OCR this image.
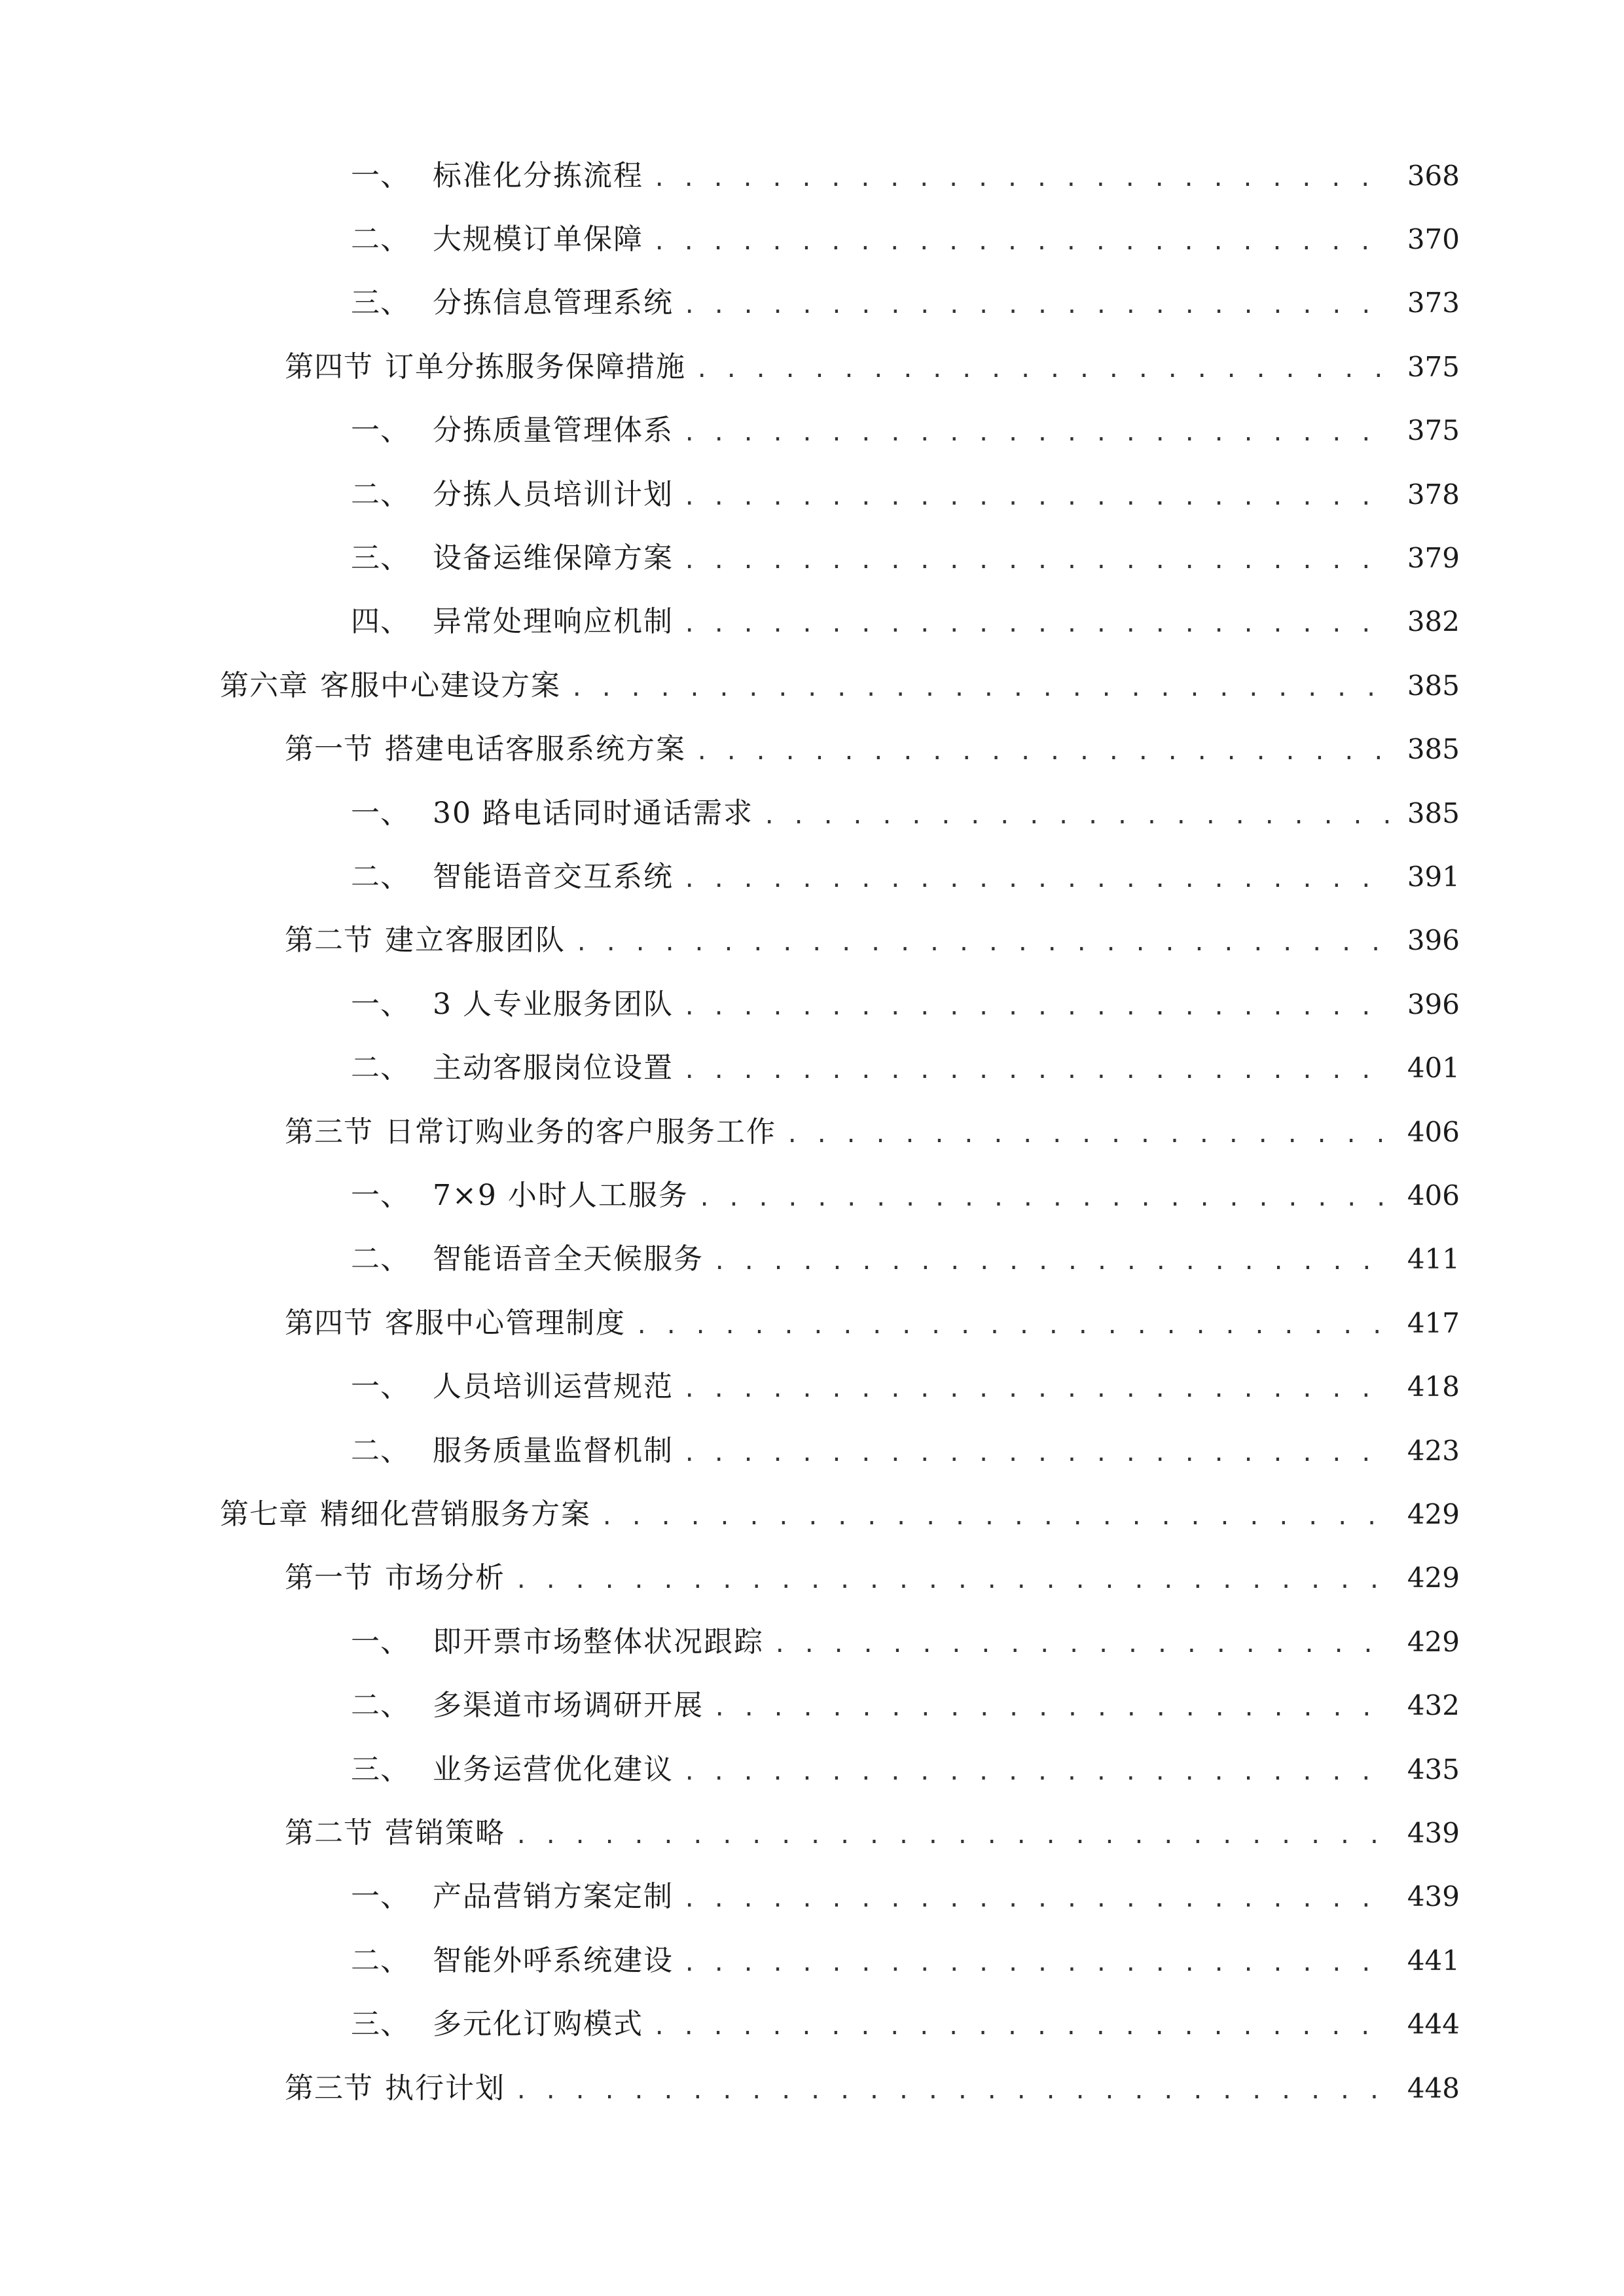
一、 标准化分拣流程 . . .	368
二、 大规模订单保障 . . .	370
三、 分拣信息管理系统 . . .	373
第四节 订单分拣服务保障措施 . . .	375
一、 分拣质量管理体系 . . .	375
二、 分拣人员培训计划 . . .	378
三、 设备运维保障方案 . . .	379
四、 异常处理响应机制 . . .	382
第六章 客服中心建设方案 . . .	385
第一节 搭建电话客服系统方案 . . .	385
一、 30 路电话同时通话需求 . . .	385
二、 智能语音交互系统 . . .	391
第二节 建立客服团队 . . .	396
一、 3 人专业服务团队 . . .	396
二、 主动客服岗位设置 . . .	401
第三节 日常订购业务的客户服务工作 . . .	406
一、 7×9 小时人工服务 . . .	406
二、 智能语音全天候服务 . . .	411
第四节 客服中心管理制度 . . .	417
一、 人员培训运营规范 . . .	418
二、 服务质量监督机制 . . .	423
第七章 精细化营销服务方案 . . .	429
第一节 市场分析 . . .	429
一、 即开票市场整体状况跟踪 . . .	429
二、 多渠道市场调研开展 . . .	432
三、 业务运营优化建议 . . .	435
第二节 营销策略 . . .	439
一、 产品营销方案定制 . . .	439
二、 智能外呼系统建设 . . .	441
三、 多元化订购模式 . . .	444
第三节 执行计划 . . .	448
